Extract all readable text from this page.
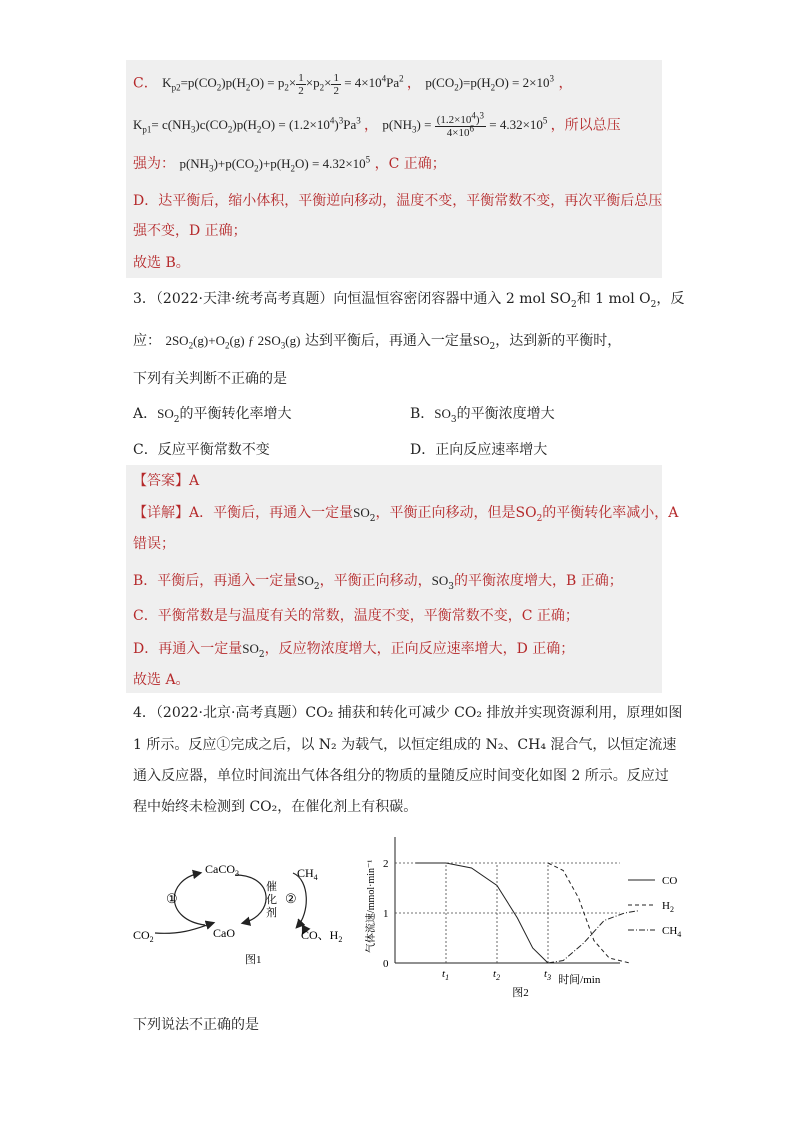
C． $K_{p2}=p(CO_2)p(H_2O) = p_2\times \frac{1}{2} \times p_2\times \frac{1}{2} = 4\times 10^4Pa^2$ ， $p(CO_2)=p(H_2O) = 2\times 10^3$ ，
$K_{p1}= c(NH_3)c(CO_2)p(H_2O) = (1.2\times 10^4)^3Pa^3$ ， $p(NH_3) = \frac{(1.2\times 10^4)^3}{4\times 10^6} = 4.32\times 10^5$ ，所以总压
强为： $p(NH_3)+p(CO_2)+p(H_2O) = 4.32\times 10^5$ ，C 正确；
D．达平衡后，缩小体积，平衡逆向移动，温度不变，平衡常数不变，再次平衡后总压
强不变，D 正确；
故选 B。
3．（2022·天津·统考高考真题）向恒温恒容密闭容器中通入 2 mol $SO_2$和 1 mol $O_2$，反
应： $2SO_2(g)+O_2(g)$ ƒ $2SO_3(g)$ 达到平衡后，再通入一定量$SO_2$，达到新的平衡时，
下列有关判断不正确的是
A．$SO_2$的平衡转化率增大	B．$SO_3$的平衡浓度增大
C．反应平衡常数不变	D．正向反应速率增大
【答案】A
【详解】A．平衡后，再通入一定量$SO_2$，平衡正向移动，但是$SO_2$的平衡转化率减小，A
错误；
B．平衡后，再通入一定量$SO_2$，平衡正向移动，$SO_3$的平衡浓度增大，B 正确；
C．平衡常数是与温度有关的常数，温度不变，平衡常数不变，C 正确；
D．再通入一定量$SO_2$，反应物浓度增大，正向反应速率增大，D 正确；
故选 A。
4．（2022·北京·高考真题）CO₂ 捕获和转化可减少 CO₂ 排放并实现资源利用，原理如图
1 所示。反应①完成之后，以 N₂ 为载气，以恒定组成的 N₂、CH₄ 混合气，以恒定流速
通入反应器，单位时间流出气体各组分的物质的量随反应时间变化如图 2 所示。反应过
程中始终未检测到 CO₂，在催化剂上有积碳。
CaCO$_3$	$CH_4$
①	②
催
化
剂
$CO_2$	CaO	CO、$H_2$
图1	0
1
2
$t_1$	$t_2$	$t_3$ 时间/min
气体流速/mmol·min⁻¹
图2
CO
$H_2$
$CH_4$
下列说法不正确的是
